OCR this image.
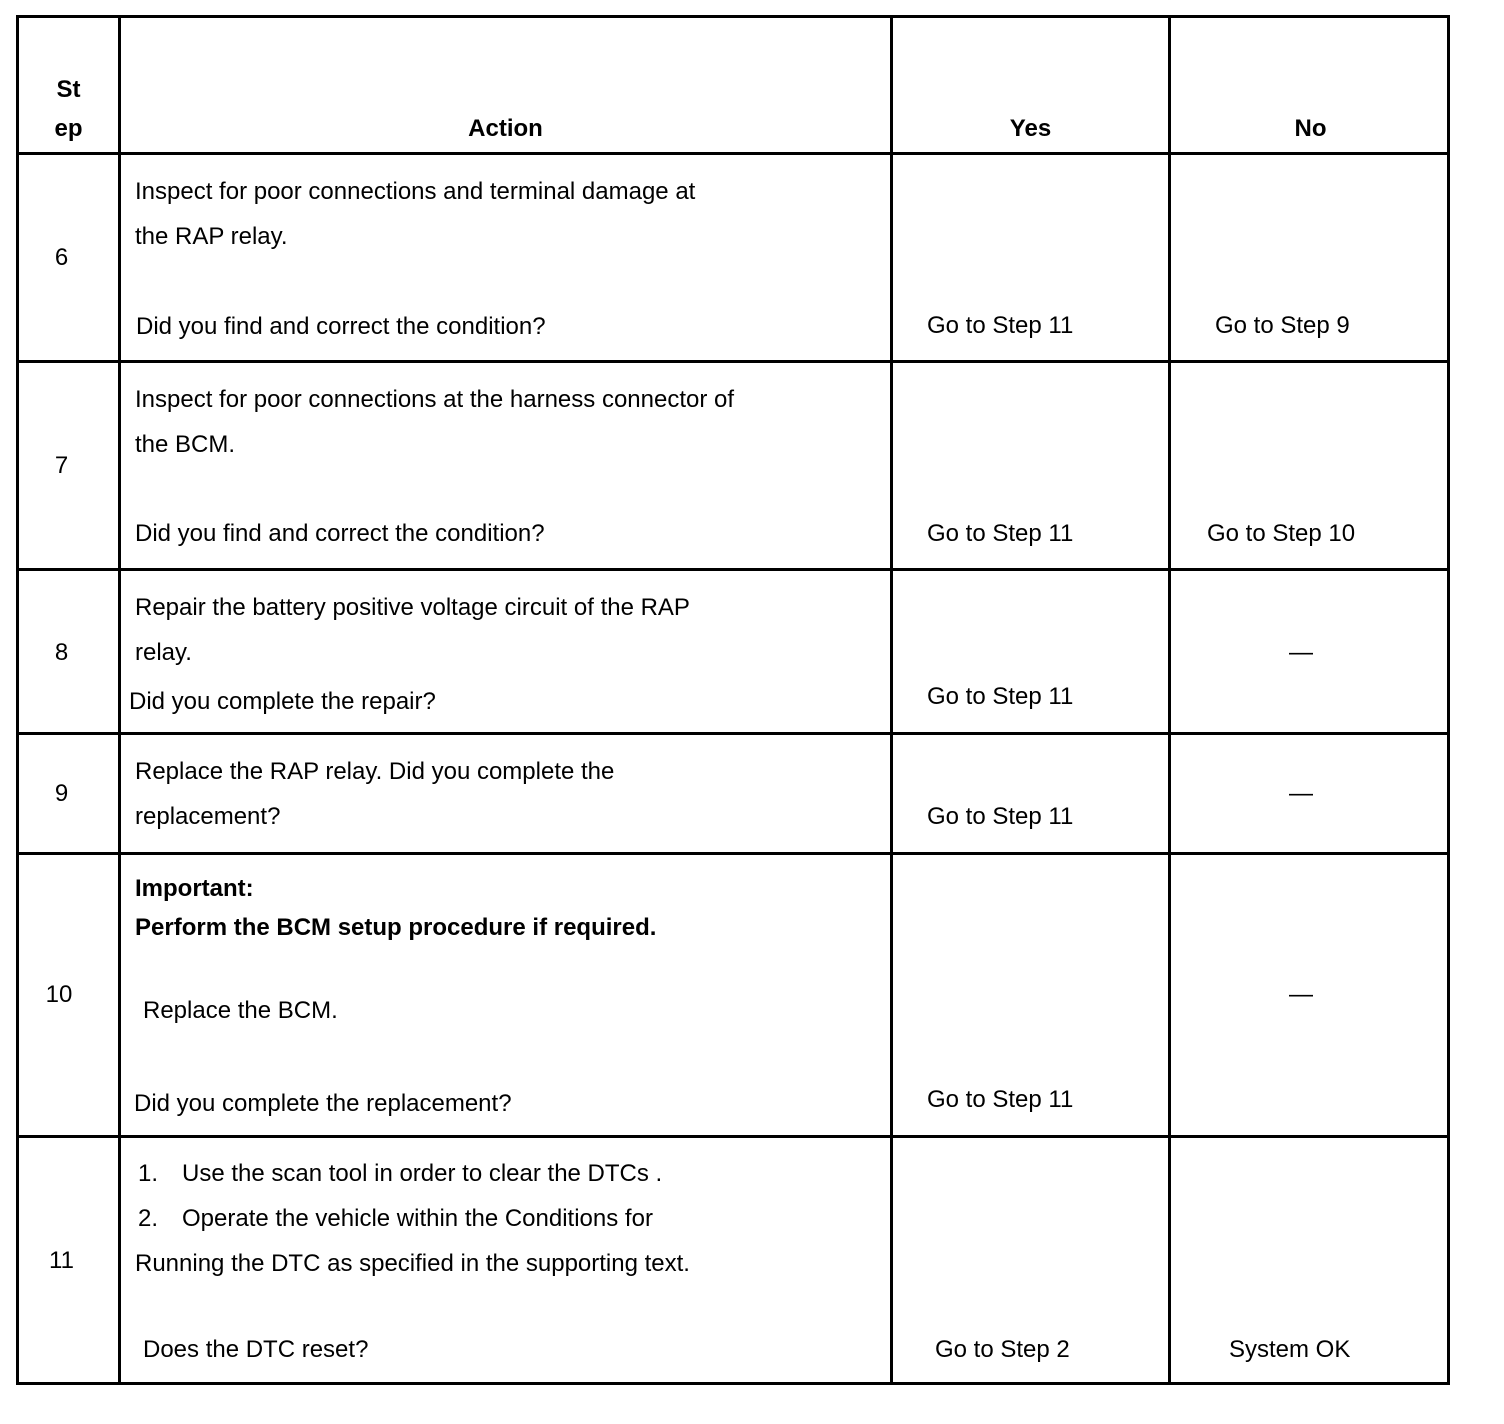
St
ep	Action	Yes	No
6
Inspect for poor connections and terminal damage at
the RAP relay.
Did you find and correct the condition?	Go to Step 11	Go to Step 9
7
Inspect for poor connections at the harness connector of
the BCM.
Did you find and correct the condition?	Go to Step 11	Go to Step 10
8
Repair the battery positive voltage circuit of the RAP
relay.
Did you complete the repair?	Go to Step 11
—
9
Replace the RAP relay. Did you complete the
replacement?	Go to Step 11
—
10
Important:
Perform the BCM setup procedure if required.
Replace the BCM.
Did you complete the replacement?	Go to Step 11
—
11
1. Use the scan tool in order to clear the DTCs .
2. Operate the vehicle within the Conditions for
Running the DTC as specified in the supporting text.
Does the DTC reset?	Go to Step 2	System OK
